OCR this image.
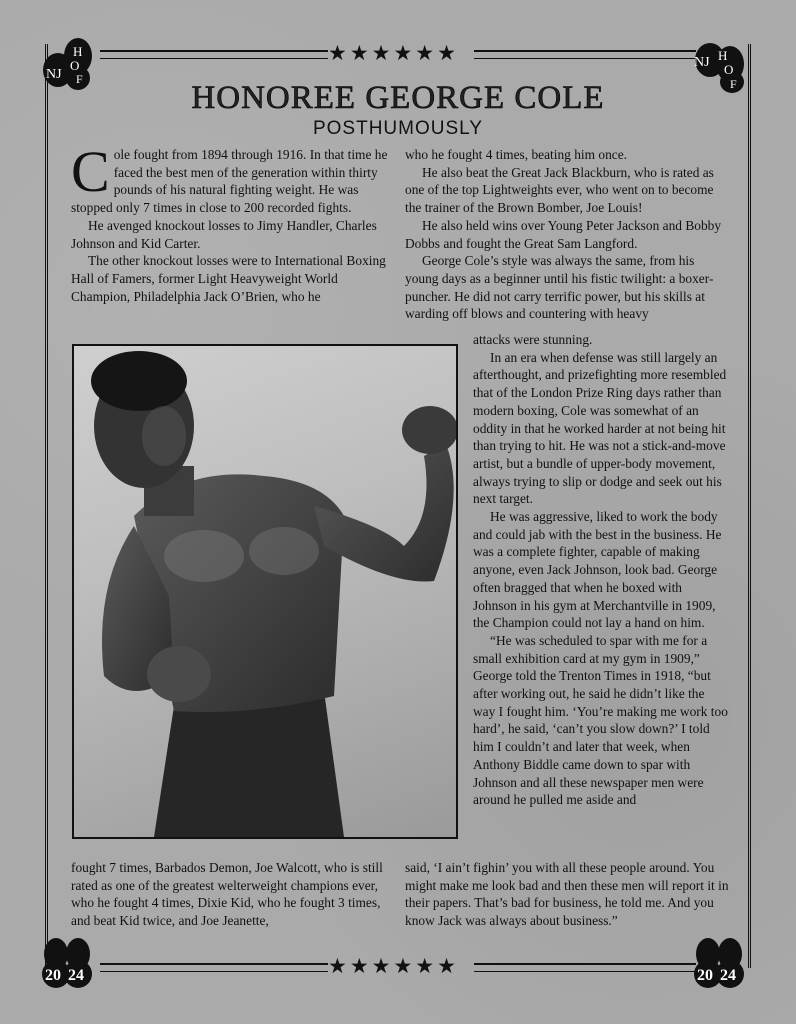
★★★★★★
★★★★★★
NJ
H
O
F
NJ H
O
F
20 24	20 24
HONOREE GEORGE COLE
POSTHUMOUSLY
C ole fought from 1894 through 1916. In that time he faced the best men of the generation within thirty pounds of his natural fighting weight. He was stopped only 7 times in close to 200 recorded fights.

He avenged knockout losses to Jimy Handler, Charles Johnson and Kid Carter.

The other knockout losses were to International Boxing Hall of Famers, former Light Heavyweight World Champion, Philadelphia Jack O’Brien, who he

fought 7 times, Barbados Demon, Joe Walcott, who is still rated as one of the greatest welterweight champions ever, who he fought 4 times, Dixie Kid, who he fought 3 times, and beat Kid twice, and Joe Jeanette,

who he fought 4 times, beating him once.

He also beat the Great Jack Blackburn, who is rated as one of the top Lightweights ever, who went on to become the trainer of the Brown Bomber, Joe Louis!

He also held wins over Young Peter Jackson and Bobby Dobbs and fought the Great Sam Langford.

George Cole’s style was always the same, from his young days as a beginner until his fistic twilight: a boxer-puncher. He did not carry terrific power, but his skills at warding off blows and countering with heavy

attacks were stunning.

In an era when defense was still largely an afterthought, and prizefighting more resembled that of the London Prize Ring days rather than modern boxing, Cole was somewhat of an oddity in that he worked harder at not being hit than trying to hit. He was not a stick-and-move artist, but a bundle of upper-body movement, always trying to slip or dodge and seek out his next target.

He was aggressive, liked to work the body and could jab with the best in the business. He was a complete fighter, capable of making anyone, even Jack Johnson, look bad. George often bragged that when he boxed with Johnson in his gym at Merchantville in 1909, the Champion could not lay a hand on him.

“He was scheduled to spar with me for a small exhibition card at my gym in 1909,” George told the Trenton Times in 1918, “but after working out, he said he didn’t like the way I fought him. ‘You’re making me work too hard’, he said, ‘can’t you slow down?’ I told him I couldn’t and later that week, when Anthony Biddle came down to spar with Johnson and all these newspaper men were around he pulled me aside and

said, ‘I ain’t fighin’ you with all these people around. You might make me look bad and then these men will report it in their papers. That’s bad for business, he told me. And you know Jack was always about business.”
